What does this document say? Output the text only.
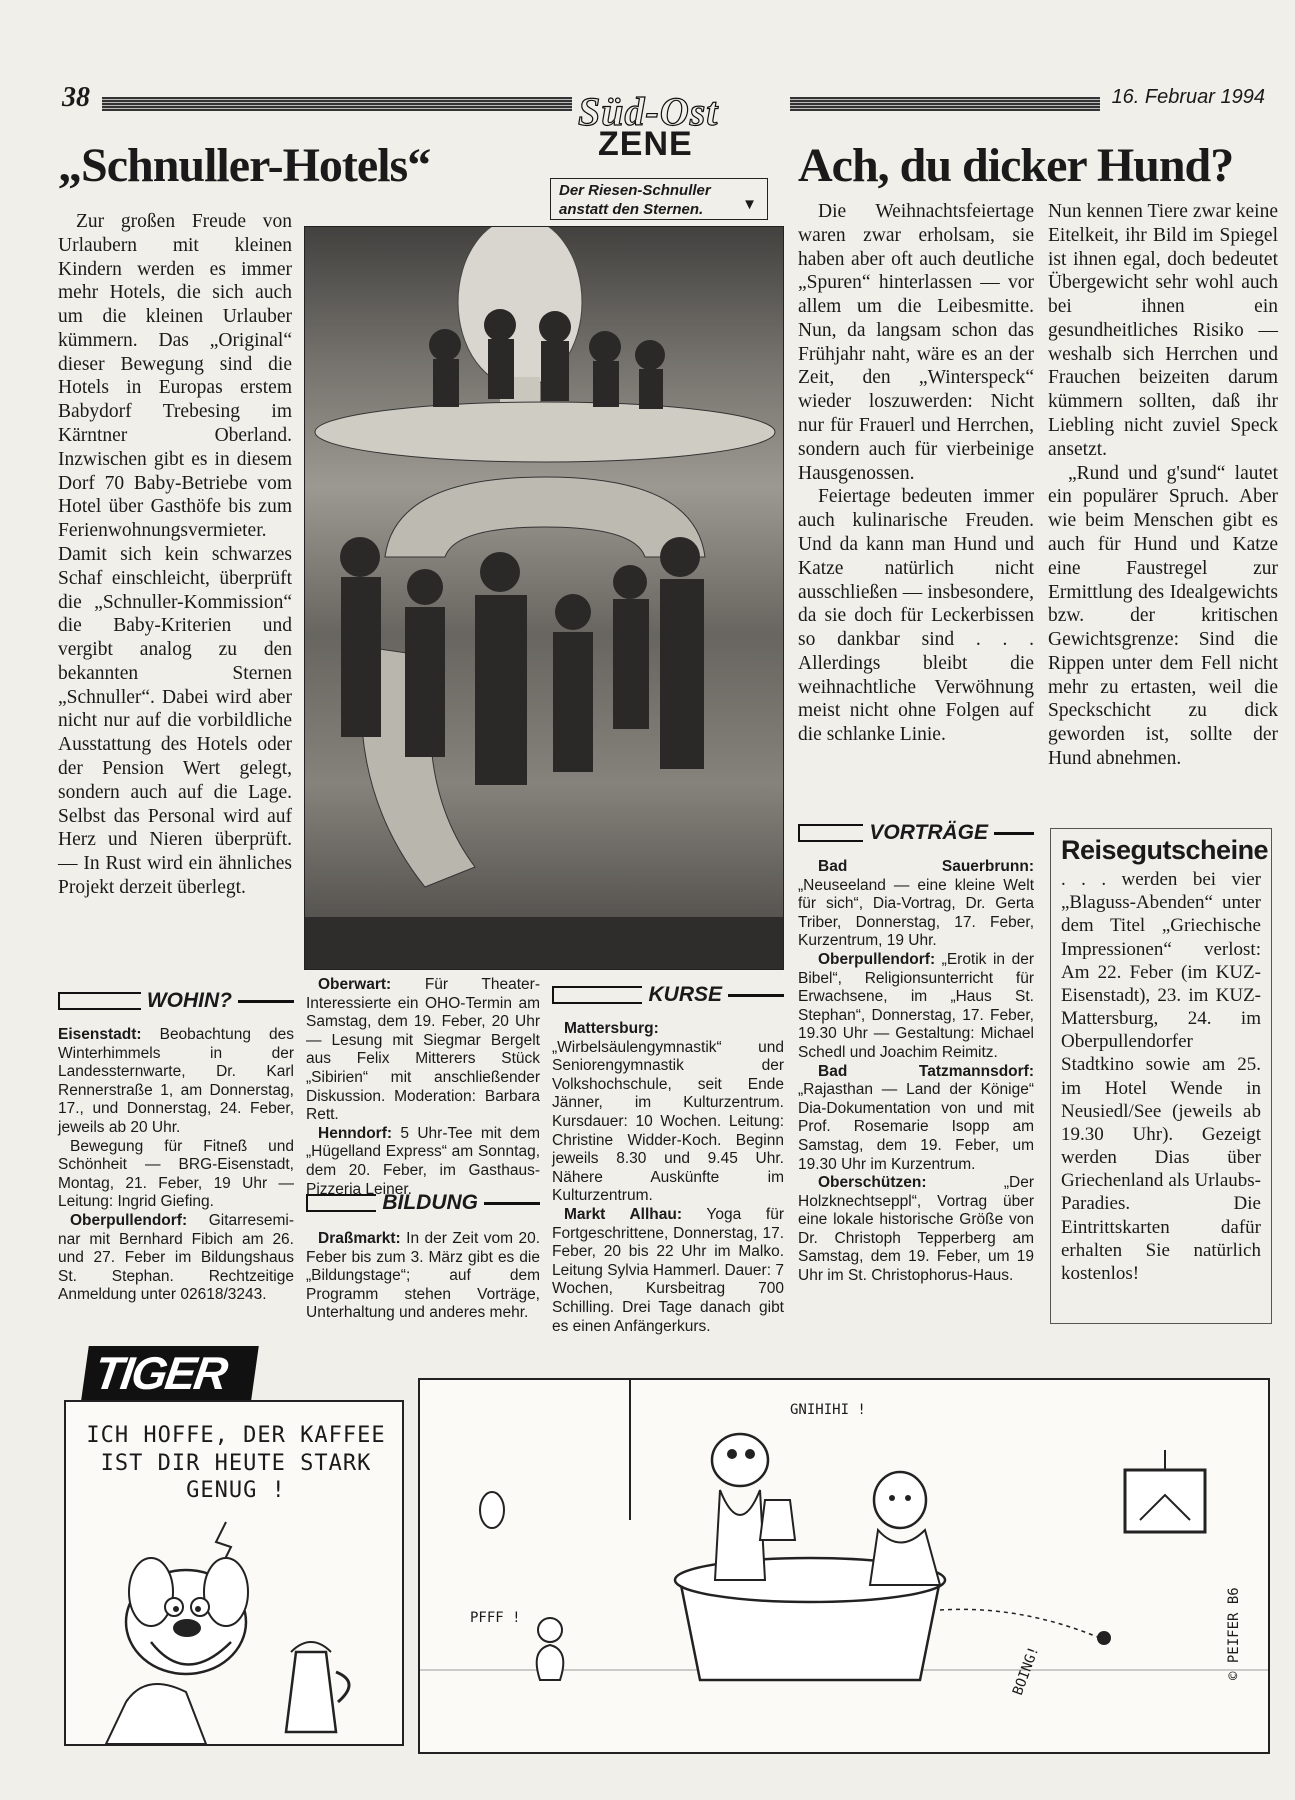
38	16. Februar 1994
Süd-Ost
ZENE
„Schnuller-Hotels“

Zur großen Freude von Urlaubern mit kleinen Kindern werden es immer mehr Hotels, die sich auch um die kleinen Urlauber kümmern. Das „Original“ dieser Bewegung sind die Hotels in Europas erstem Babydorf Trebesing im Kärntner Oberland. Inzwischen gibt es in diesem Dorf 70 Baby-Betriebe vom Hotel über Gasthöfe bis zum Ferienwohnungsvermieter. Damit sich kein schwarzes Schaf einschleicht, überprüft die „Schnuller-Kommission“ die Baby-Kriterien und vergibt analog zu den bekannten Sternen „Schnuller“. Dabei wird aber nicht nur auf die vorbildliche Ausstattung des Hotels oder der Pension Wert gelegt, sondern auch auf die Lage. Selbst das Personal wird auf Herz und Nieren überprüft. — In Rust wird ein ähnliches Projekt derzeit überlegt.

Der Riesen-Schnuller anstatt den Sternen.	▼
Ach, du dicker Hund?

Die Weihnachtsfeiertage waren zwar erholsam, sie haben aber oft auch deutliche „Spuren“ hinterlassen — vor allem um die Leibesmitte. Nun, da langsam schon das Frühjahr naht, wäre es an der Zeit, den „Winterspeck“ wieder loszuwerden: Nicht nur für Frauerl und Herrchen, sondern auch für vierbeinige Hausgenossen.

Feiertage bedeuten immer auch kulinarische Freuden. Und da kann man Hund und Katze natürlich nicht ausschließen — insbesondere, da sie doch für Leckerbissen so dankbar sind . . . Allerdings bleibt die weihnachtliche Verwöhnung meist nicht ohne Folgen auf die schlanke Linie.

Nun kennen Tiere zwar keine Eitelkeit, ihr Bild im Spiegel ist ihnen egal, doch bedeutet Übergewicht sehr wohl auch bei ihnen ein gesundheitliches Risiko — weshalb sich Herrchen und Frauchen beizeiten darum kümmern sollten, daß ihr Liebling nicht zuviel Speck ansetzt.

„Rund und g'sund“ lautet ein populärer Spruch. Aber wie beim Menschen gibt es auch für Hund und Katze eine Faustregel zur Ermittlung des Idealgewichts bzw. der kritischen Gewichtsgrenze: Sind die Rippen unter dem Fell nicht mehr zu ertasten, weil die Speckschicht zu dick geworden ist, sollte der Hund abnehmen.

WOHIN?

Eisenstadt: Beobachtung des Winterhimmels in der Landessternwarte, Dr. Karl Rennerstraße 1, am Donnerstag, 17., und Donnerstag, 24. Feber, jeweils ab 20 Uhr.

Bewegung für Fitneß und Schönheit — BRG-Eisenstadt, Montag, 21. Feber, 19 Uhr — Leitung: Ingrid Giefing.

Oberpullendorf: Gitarresemi-nar mit Bernhard Fibich am 26. und 27. Feber im Bildungshaus St. Stephan. Rechtzeitige Anmeldung unter 02618/3243.

Oberwart: Für Theater-Interessierte ein OHO-Termin am Samstag, dem 19. Feber, 20 Uhr — Lesung mit Siegmar Bergelt aus Felix Mitterers Stück „Sibirien“ mit anschließender Diskussion. Moderation: Barbara Rett.

Henndorf: 5 Uhr-Tee mit dem „Hügelland Express“ am Sonntag, dem 20. Feber, im Gasthaus-Pizzeria Leiner.

BILDUNG

Draßmarkt: In der Zeit vom 20. Feber bis zum 3. März gibt es die „Bildungstage“; auf dem Programm stehen Vorträge, Unterhaltung und anderes mehr.

KURSE

Mattersburg: „Wirbelsäulengymnastik“ und Seniorengymnastik der Volkshochschule, seit Ende Jänner, im Kulturzentrum. Kursdauer: 10 Wochen. Leitung: Christine Widder-Koch. Beginn jeweils 8.30 und 9.45 Uhr. Nähere Auskünfte im Kulturzentrum.

Markt Allhau: Yoga für Fortgeschrittene, Donnerstag, 17. Feber, 20 bis 22 Uhr im Malko. Leitung Sylvia Hammerl. Dauer: 7 Wochen, Kursbeitrag 700 Schilling. Drei Tage danach gibt es einen Anfängerkurs.

VORTRÄGE

Bad Sauerbrunn: „Neuseeland — eine kleine Welt für sich“, Dia-Vortrag, Dr. Gerta Triber, Donnerstag, 17. Feber, Kurzentrum, 19 Uhr.

Oberpullendorf: „Erotik in der Bibel“, Religionsunterricht für Erwachsene, im „Haus St. Stephan“, Donnerstag, 17. Feber, 19.30 Uhr — Gestaltung: Michael Schedl und Joachim Reimitz.

Bad Tatzmannsdorf: „Rajasthan — Land der Könige“ Dia-Dokumentation von und mit Prof. Rosemarie Isopp am Samstag, dem 19. Feber, um 19.30 Uhr im Kurzentrum.

Oberschützen: „Der Holzknechtseppl“, Vortrag über eine lokale historische Größe von Dr. Christoph Tepperberg am Samstag, dem 19. Feber, um 19 Uhr im St. Christophorus-Haus.

Reisegutscheine

. . . werden bei vier „Blaguss-Abenden“ unter dem Titel „Griechische Impressionen“ verlost: Am 22. Feber (im KUZ-Eisenstadt), 23. im KUZ-Mattersburg, 24. im Oberpullendorfer Stadtkino sowie am 25. im Hotel Wende in Neusiedl/See (jeweils ab 19.30 Uhr). Gezeigt werden Dias über Griechenland als Urlaubs-Paradies. Die Eintrittskarten dafür erhalten Sie natürlich kostenlos!

TIGER
ICH HOFFE, DER KAFFEE IST DIR HEUTE STARK GENUG !
GNIHIHI !
PFFF !
BOING!	© PEIFER B6
